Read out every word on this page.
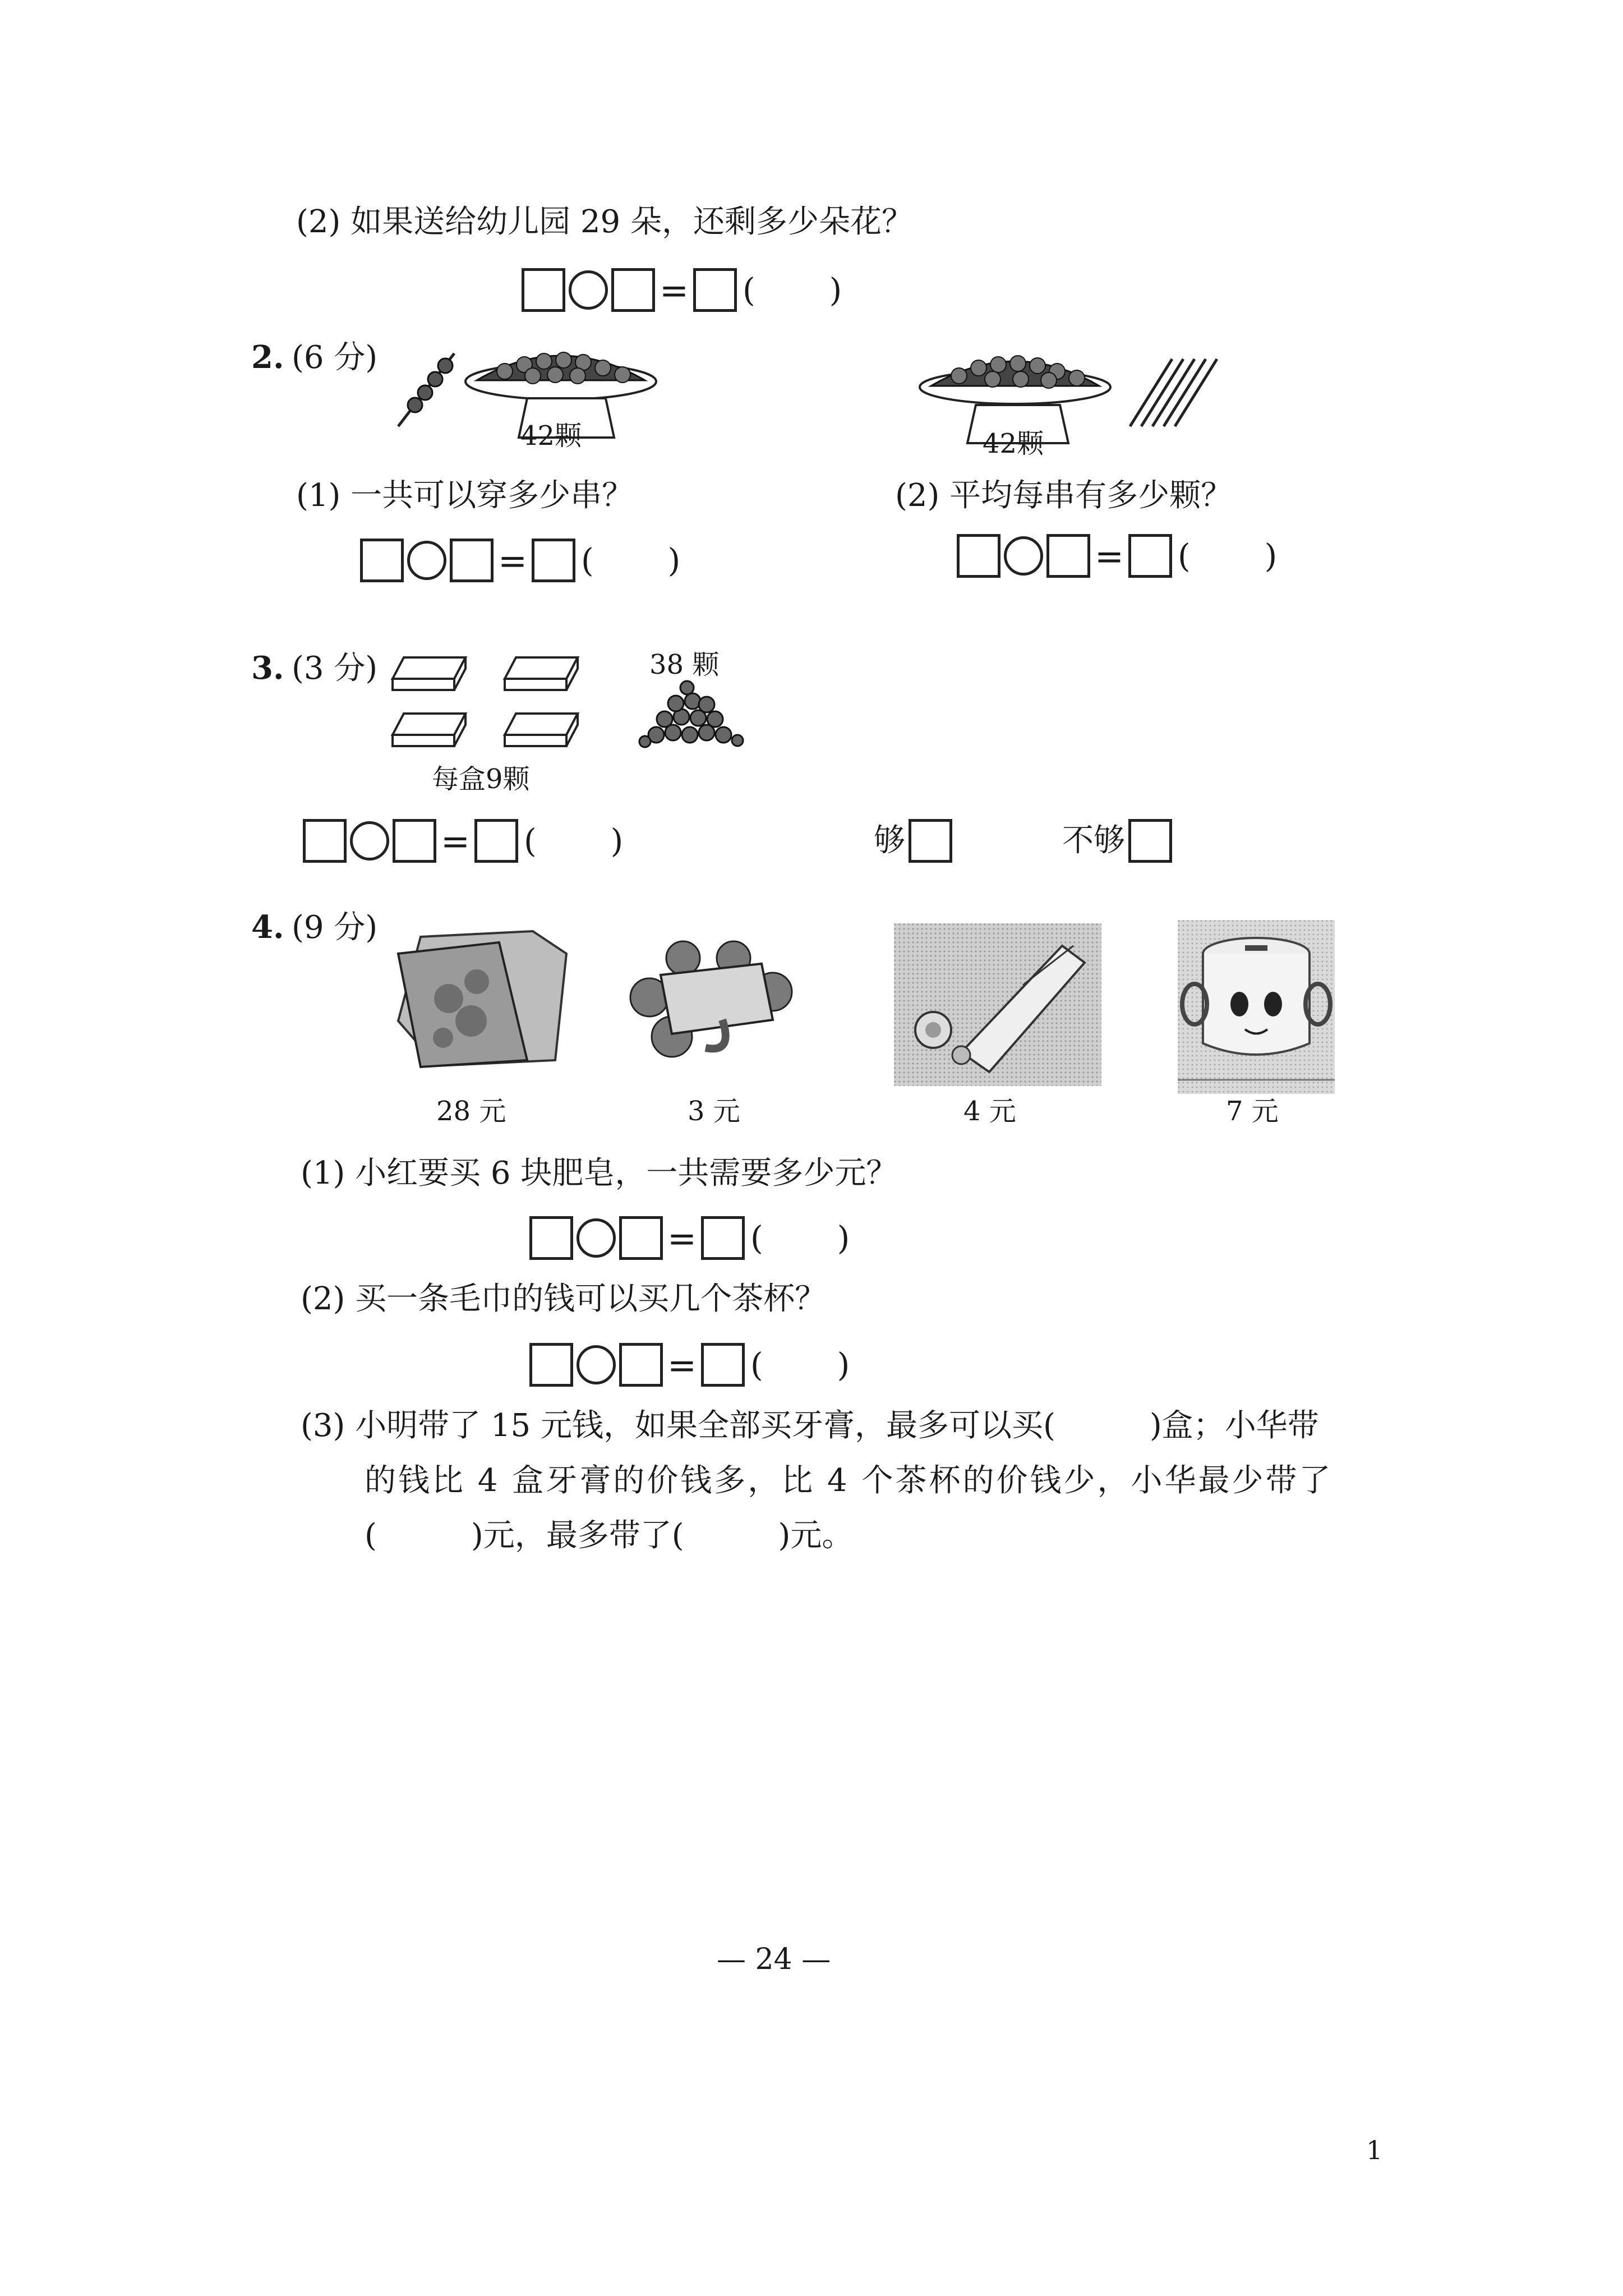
(2) 如果送给幼儿园 29 朵，还剩多少朵花？
= ( )
2. (6 分)
42颗	42颗
(1) 一共可以穿多少串？	(2) 平均每串有多少颗？
= ( )	= ( )
3. (3 分)	38 颗
每盒9颗
= ( )	够	不够
4. (9 分)
28 元	3 元	4 元	7 元
(1) 小红要买 6 块肥皂，一共需要多少元？
= ( )
(2) 买一条毛巾的钱可以买几个茶杯？
= ( )
(3) 小明带了 15 元钱，如果全部买牙膏，最多可以买(　　　)盒；小华带
的钱比 4 盒牙膏的价钱多，比 4 个茶杯的价钱少，小华最少带了
(　　　)元，最多带了(　　　)元。
— 24 —
1
